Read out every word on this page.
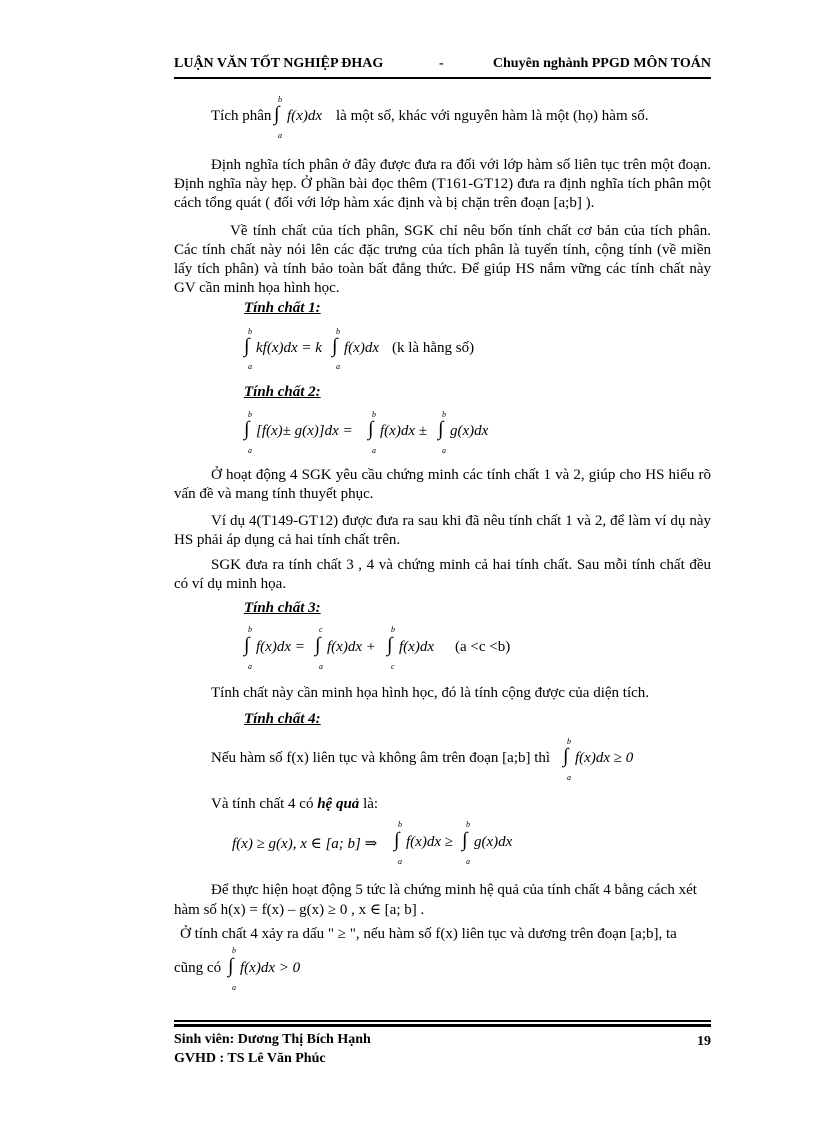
LUẬN VĂN TỐT NGHIỆP ĐHAG	-	Chuyên nghành PPGD MÔN TOÁN
Tích phân
b
∫
a
f(x)dx là một số, khác với nguyên hàm là một (họ) hàm số.
Định nghĩa tích phân ở đây được đưa ra đối với lớp hàm số liên tục trên một đoạn. Định nghĩa này hẹp. Ở phần bài đọc thêm (T161-GT12) đưa ra định nghĩa tích phân một cách tổng quát ( đối với lớp hàm xác định và bị chặn trên đoạn [a;b] ).
Về tính chất của tích phân, SGK chỉ nêu bốn tính chất cơ bản của tích phân. Các tính chất này nói lên các đặc trưng của tích phân là tuyến tính, cộng tính (về miền lấy tích phân) và tính bảo toàn bất đẳng thức. Để giúp HS nắm vững các tính chất này GV cần minh họa hình học.
Tính chất 1:
b
∫
a
kf(x)dx = k
b
∫
a
f(x)dx (k là hằng số)
Tính chất 2:
b
∫
a
[f(x)± g(x)]dx =
b
∫
a
f(x)dx ±
b
∫
a
g(x)dx
Ở hoạt động 4 SGK yêu cầu chứng minh các tính chất 1 và 2, giúp cho HS hiểu rõ vấn đề và mang tính thuyết phục.
Ví dụ 4(T149-GT12) được đưa ra sau khi đã nêu tính chất 1 và 2, để làm ví dụ này HS phải áp dụng cả hai tính chất trên.
SGK đưa ra tính chất 3 , 4 và chứng minh cả hai tính chất. Sau mỗi tính chất đều có ví dụ minh họa.
Tính chất 3:
b
∫
a
f(x)dx =
c
∫
a
f(x)dx +
b
∫
c
f(x)dx (a <c <b)
Tính chất này cần minh họa hình học, đó là tính cộng được của diện tích.
Tính chất 4:
Nếu hàm số f(x) liên tục và không âm trên đoạn [a;b] thì
b
∫
a
f(x)dx ≥ 0
Và tính chất 4 có hệ quả là:
f(x) ≥ g(x), x ∈ [a; b] ⇒
b
∫
a
f(x)dx ≥
b
∫
a
g(x)dx
Để thực hiện hoạt động 5 tức là chứng minh hệ quả của tính chất 4 bằng cách xét
hàm số h(x) = f(x) – g(x) ≥ 0 , x ∈ [a; b] .
Ở tính chất 4 xảy ra dấu " ≥ ", nếu hàm số f(x) liên tục và dương trên đoạn [a;b], ta
cũng có
b
∫
a
f(x)dx > 0
Sinh viên: Dương Thị Bích Hạnh
GVHD : TS Lê Văn Phúc
19
